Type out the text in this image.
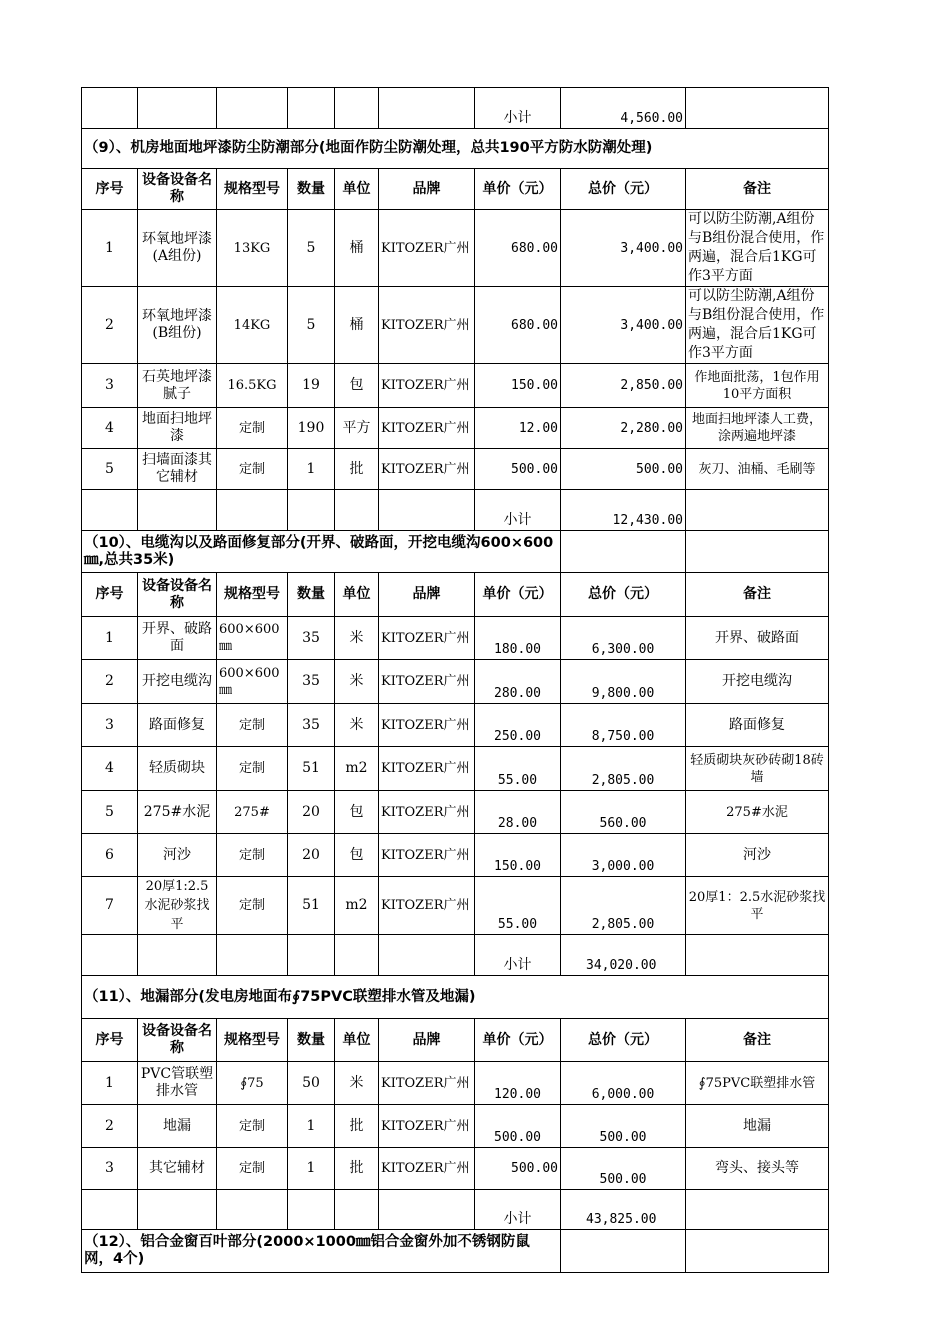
						小计	4,560.00	
（9）、机房地面地坪漆防尘防潮部分(地面作防尘防潮处理，总共190平方防水防潮处理)								
序号	设备设备名称	规格型号	数量	单位	品牌	单价（元）	总价（元）	备注
1	环氧地坪漆(A组份)	13KG	5	桶	KITOZER广州	680.00	3,400.00	可以防尘防潮,A组份与B组份混合使用，作两遍，混合后1KG可作3平方面
2	环氧地坪漆(B组份)	14KG	5	桶	KITOZER广州	680.00	3,400.00	可以防尘防潮,A组份与B组份混合使用，作两遍，混合后1KG可作3平方面
3	石英地坪漆腻子	16.5KG	19	包	KITOZER广州	150.00	2,850.00	作地面批荡，1包作用10平方面积
4	地面扫地坪漆	定制	190	平方	KITOZER广州	12.00	2,280.00	地面扫地坪漆人工费，涂两遍地坪漆
5	扫墙面漆其它辅材	定制	1	批	KITOZER广州	500.00	500.00	灰刀、油桶、毛刷等
						小计	12,430.00	
（10）、电缆沟以及路面修复部分(开界、破路面，开挖电缆沟600×600㎜,总共35米)								
序号	设备设备名称	规格型号	数量	单位	品牌	单价（元）	总价（元）	备注
1	开界、破路面	600×600㎜	35	米	KITOZER广州	180.00	6,300.00	开界、破路面
2	开挖电缆沟	600×600㎜	35	米	KITOZER广州	280.00	9,800.00	开挖电缆沟
3	路面修复	定制	35	米	KITOZER广州	250.00	8,750.00	路面修复
4	轻质砌块	定制	51	m2	KITOZER广州	55.00	2,805.00	轻质砌块灰砂砖砌18砖墙
5	275#水泥	275#	20	包	KITOZER广州	28.00	560.00	275#水泥
6	河沙	定制	20	包	KITOZER广州	150.00	3,000.00	河沙
7	20厚1:2.5水泥砂浆找平	定制	51	m2	KITOZER广州	55.00	2,805.00	20厚1：2.5水泥砂浆找平
						小计	34,020.00	
（11）、地漏部分(发电房地面布∮75PVC联塑排水管及地漏)								
序号	设备设备名称	规格型号	数量	单位	品牌	单价（元）	总价（元）	备注
1	PVC管联塑排水管	∮75	50	米	KITOZER广州	120.00	6,000.00	∮75PVC联塑排水管
2	地漏	定制	1	批	KITOZER广州	500.00	500.00	地漏
3	其它辅材	定制	1	批	KITOZER广州	500.00	500.00	弯头、接头等
						小计	43,825.00	
（12）、铝合金窗百叶部分(2000×1000㎜铝合金窗外加不锈钢防鼠网，4个)								
